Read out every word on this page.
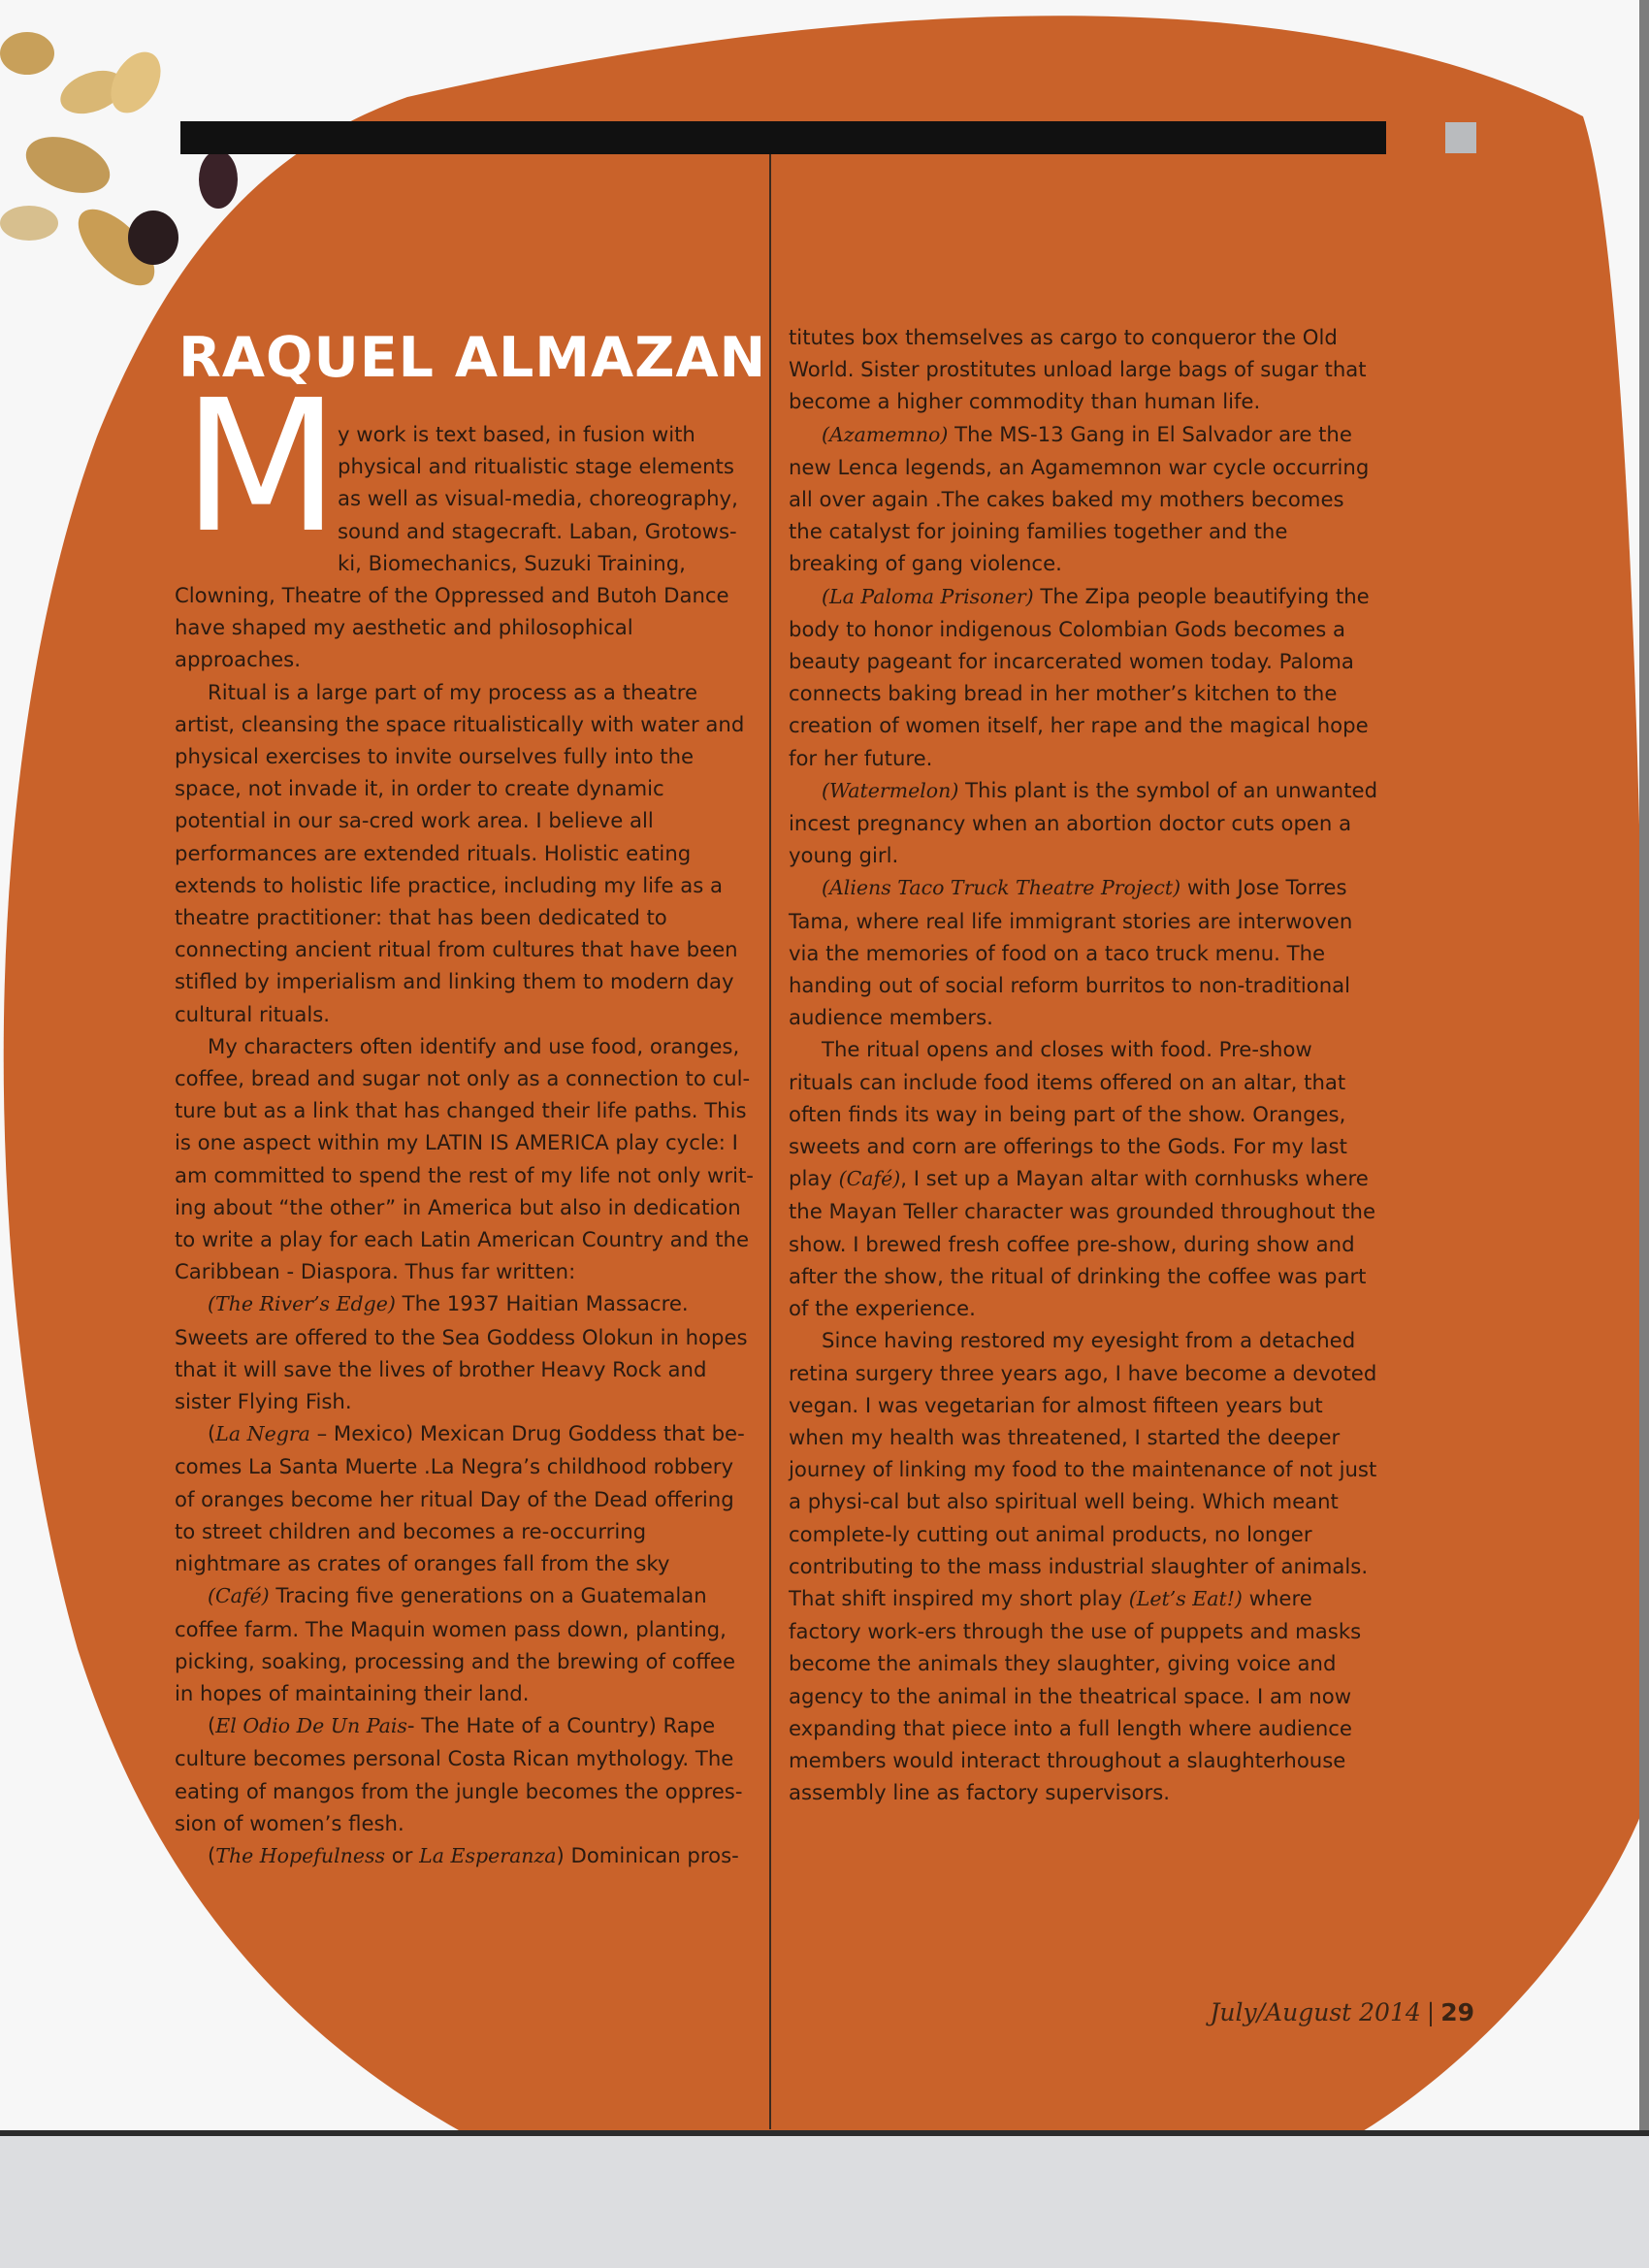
RAQUEL ALMAZAN
M

y work is text based, in fusion with

physical and ritualistic stage elements

as well as visual-media, choreography,

sound and stagecraft. Laban, Grotows-

ki, Biomechanics, Suzuki Training,

Clowning, Theatre of the Oppressed and Butoh Dance have shaped my aesthetic and philosophical approaches.

Ritual is a large part of my process as a theatre artist, cleansing the space ritualistically with water and physical exercises to invite ourselves fully into the space, not invade it, in order to create dynamic potential in our sa-cred work area. I believe all performances are extended rituals. Holistic eating extends to holistic life practice, including my life as a theatre practitioner: that has been dedicated to connecting ancient ritual from cultures that have been stifled by imperialism and linking them to modern day cultural rituals.

My characters often identify and use food, oranges, coffee, bread and sugar not only as a connection to cul-ture but as a link that has changed their life paths. This is one aspect within my LATIN IS AMERICA play cycle: I am committed to spend the rest of my life not only writ-ing about “the other” in America but also in dedication to write a play for each Latin American Country and the Caribbean - Diaspora. Thus far written:

(The River’s Edge) The 1937 Haitian Massacre. Sweets are offered to the Sea Goddess Olokun in hopes that it will save the lives of brother Heavy Rock and sister Flying Fish.

(La Negra – Mexico) Mexican Drug Goddess that be-comes La Santa Muerte .La Negra’s childhood robbery of oranges become her ritual Day of the Dead offering to street children and becomes a re-occurring nightmare as crates of oranges fall from the sky

(Café) Tracing five generations on a Guatemalan coffee farm. The Maquin women pass down, planting, picking, soaking, processing and the brewing of coffee in hopes of maintaining their land.

(El Odio De Un Pais- The Hate of a Country) Rape culture becomes personal Costa Rican mythology. The eating of mangos from the jungle becomes the oppres-sion of women’s flesh.

(The Hopefulness or La Esperanza) Dominican pros-

titutes box themselves as cargo to conqueror the Old World. Sister prostitutes unload large bags of sugar that become a higher commodity than human life.

(Azamemno) The MS-13 Gang in El Salvador are the new Lenca legends, an Agamemnon war cycle occurring all over again .The cakes baked my mothers becomes the catalyst for joining families together and the breaking of gang violence.

(La Paloma Prisoner) The Zipa people beautifying the body to honor indigenous Colombian Gods becomes a beauty pageant for incarcerated women today. Paloma connects baking bread in her mother’s kitchen to the creation of women itself, her rape and the magical hope for her future.

(Watermelon) This plant is the symbol of an unwanted incest pregnancy when an abortion doctor cuts open a young girl.

(Aliens Taco Truck Theatre Project) with Jose Torres Tama, where real life immigrant stories are interwoven via the memories of food on a taco truck menu. The handing out of social reform burritos to non-traditional audience members.

The ritual opens and closes with food. Pre-show rituals can include food items offered on an altar, that often finds its way in being part of the show. Oranges, sweets and corn are offerings to the Gods. For my last play (Café), I set up a Mayan altar with cornhusks where the Mayan Teller character was grounded throughout the show. I brewed fresh coffee pre-show, during show and after the show, the ritual of drinking the coffee was part of the experience.

Since having restored my eyesight from a detached retina surgery three years ago, I have become a devoted vegan. I was vegetarian for almost fifteen years but when my health was threatened, I started the deeper journey of linking my food to the maintenance of not just a physi-cal but also spiritual well being. Which meant complete-ly cutting out animal products, no longer contributing to the mass industrial slaughter of animals. That shift inspired my short play (Let’s Eat!) where factory work-ers through the use of puppets and masks become the animals they slaughter, giving voice and agency to the animal in the theatrical space. I am now expanding that piece into a full length where audience members would interact throughout a slaughterhouse assembly line as factory supervisors.

July/August 2014 | 29
